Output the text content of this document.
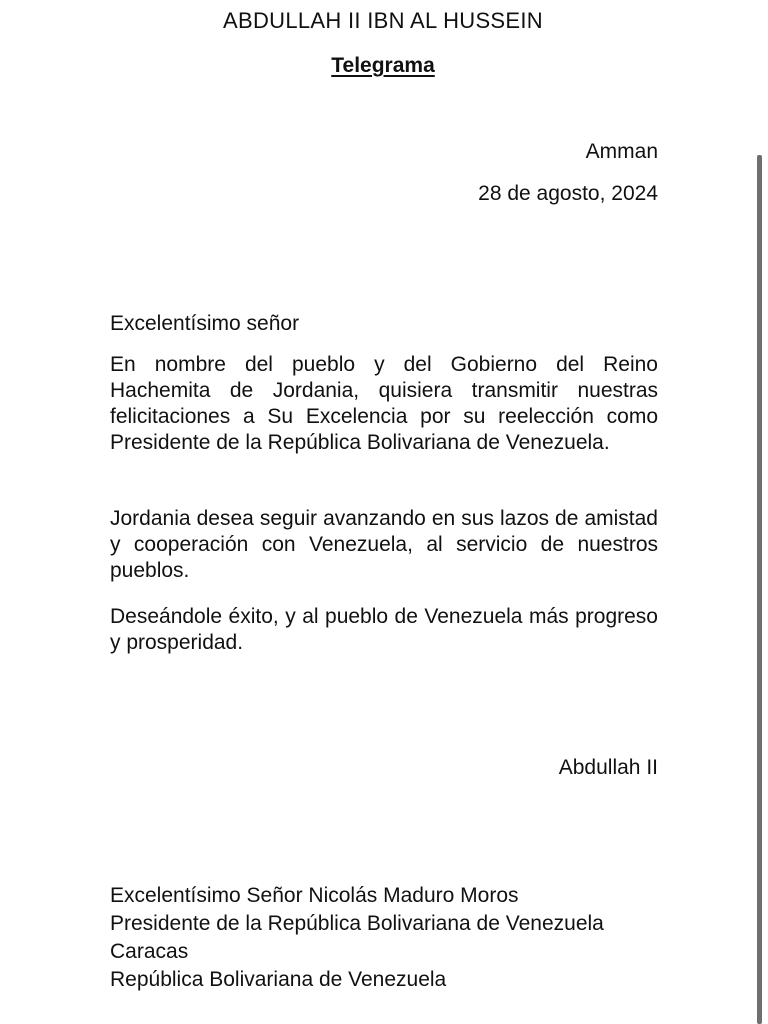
ABDULLAH II IBN AL HUSSEIN
Telegrama
Amman
28 de agosto, 2024
Excelentísimo señor
En nombre del pueblo y del Gobierno del Reino Hachemita de Jordania, quisiera transmitir nuestras felicitaciones a Su Excelencia por su reelección como Presidente de la República Bolivariana de Venezuela.
Jordania desea seguir avanzando en sus lazos de amistad y cooperación con Venezuela, al servicio de nuestros pueblos.
Deseándole éxito, y al pueblo de Venezuela más progreso y prosperidad.
Abdullah II
Excelentísimo Señor Nicolás Maduro Moros
Presidente de la República Bolivariana de Venezuela
Caracas
República Bolivariana de Venezuela
